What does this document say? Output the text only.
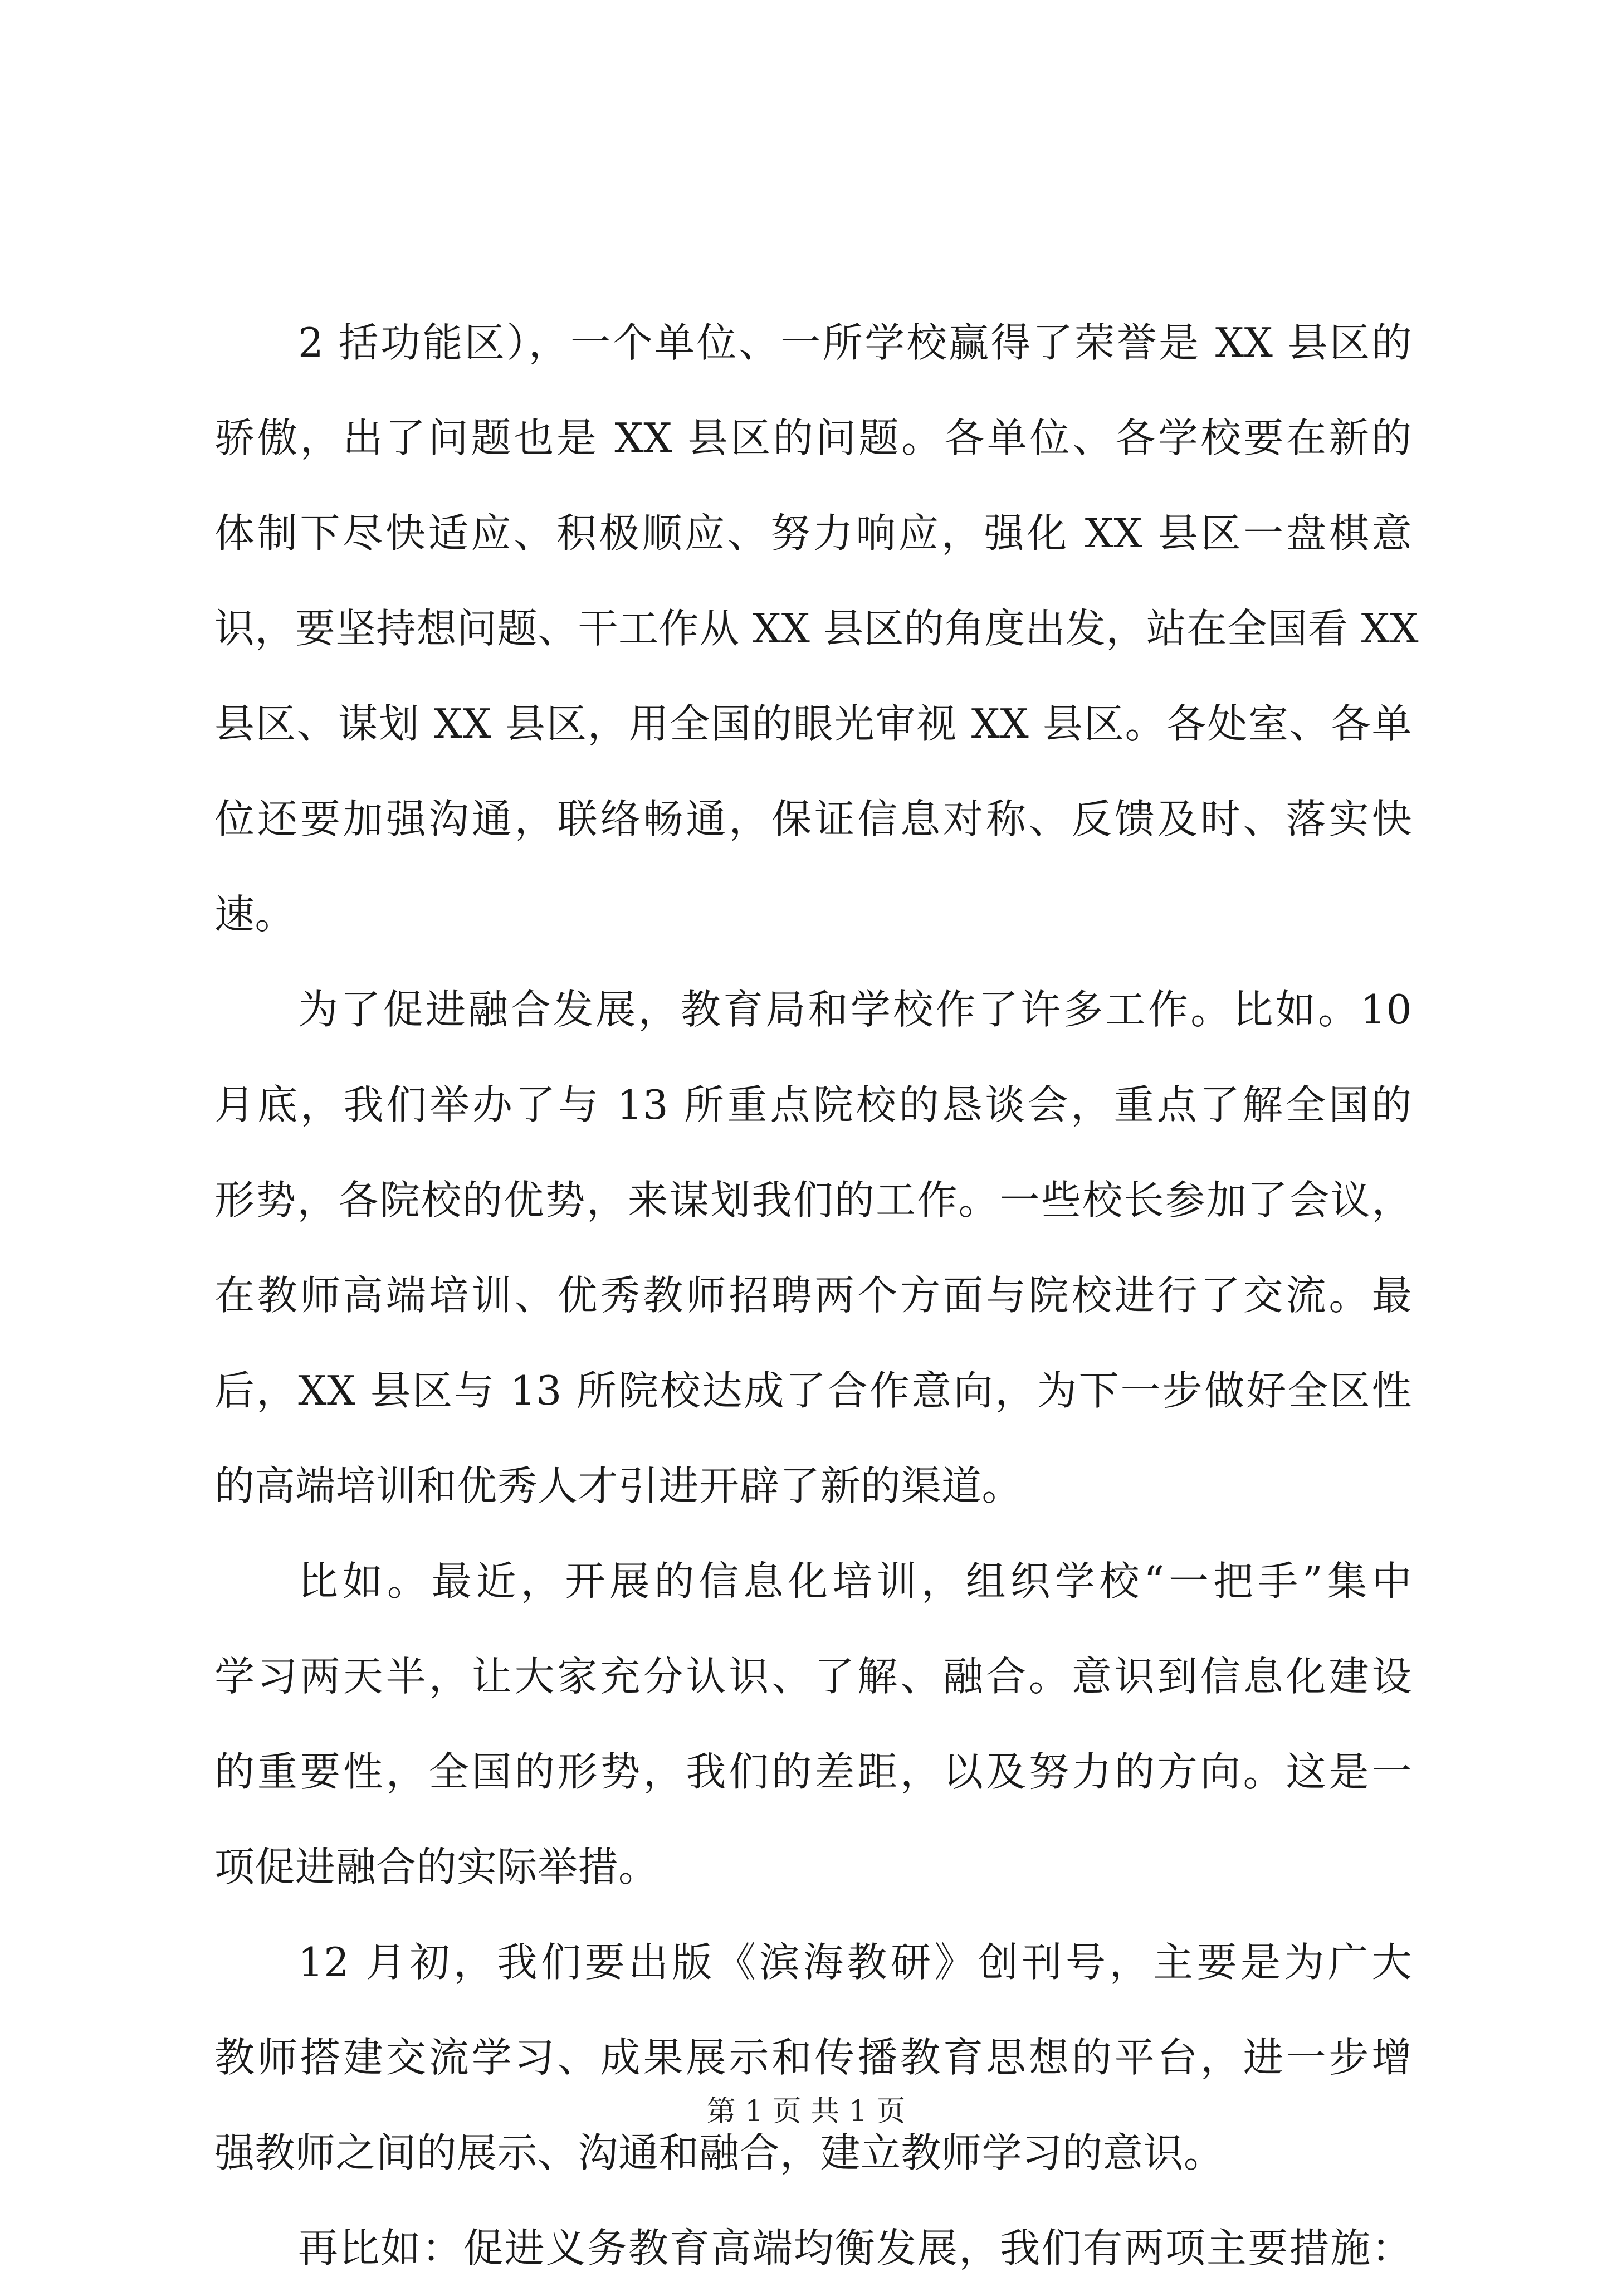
2 括功能区），一个单位、一所学校赢得了荣誉是 XX 县区的
骄傲，出了问题也是 XX 县区的问题。各单位、各学校要在新的
体制下尽快适应、积极顺应、努力响应，强化 XX 县区一盘棋意
识，要坚持想问题、干工作从 XX 县区的角度出发，站在全国看 XX
县区、谋划 XX 县区，用全国的眼光审视 XX 县区。各处室、各单
位还要加强沟通，联络畅通，保证信息对称、反馈及时、落实快
速。
为了促进融合发展，教育局和学校作了许多工作。比如。10
月底，我们举办了与 13 所重点院校的恳谈会，重点了解全国的
形势，各院校的优势，来谋划我们的工作。一些校长参加了会议，
在教师高端培训、优秀教师招聘两个方面与院校进行了交流。最
后，XX 县区与 13 所院校达成了合作意向，为下一步做好全区性
的高端培训和优秀人才引进开辟了新的渠道。
比如。最近，开展的信息化培训，组织学校“一把手”集中
学习两天半，让大家充分认识、了解、融合。意识到信息化建设
的重要性，全国的形势，我们的差距，以及努力的方向。这是一
项促进融合的实际举措。
12 月初，我们要出版《滨海教研》创刊号，主要是为广大
教师搭建交流学习、成果展示和传播教育思想的平台，进一步增
强教师之间的展示、沟通和融合，建立教师学习的意识。
再比如：促进义务教育高端均衡发展，我们有两项主要措施：
第 1 页 共 1 页
